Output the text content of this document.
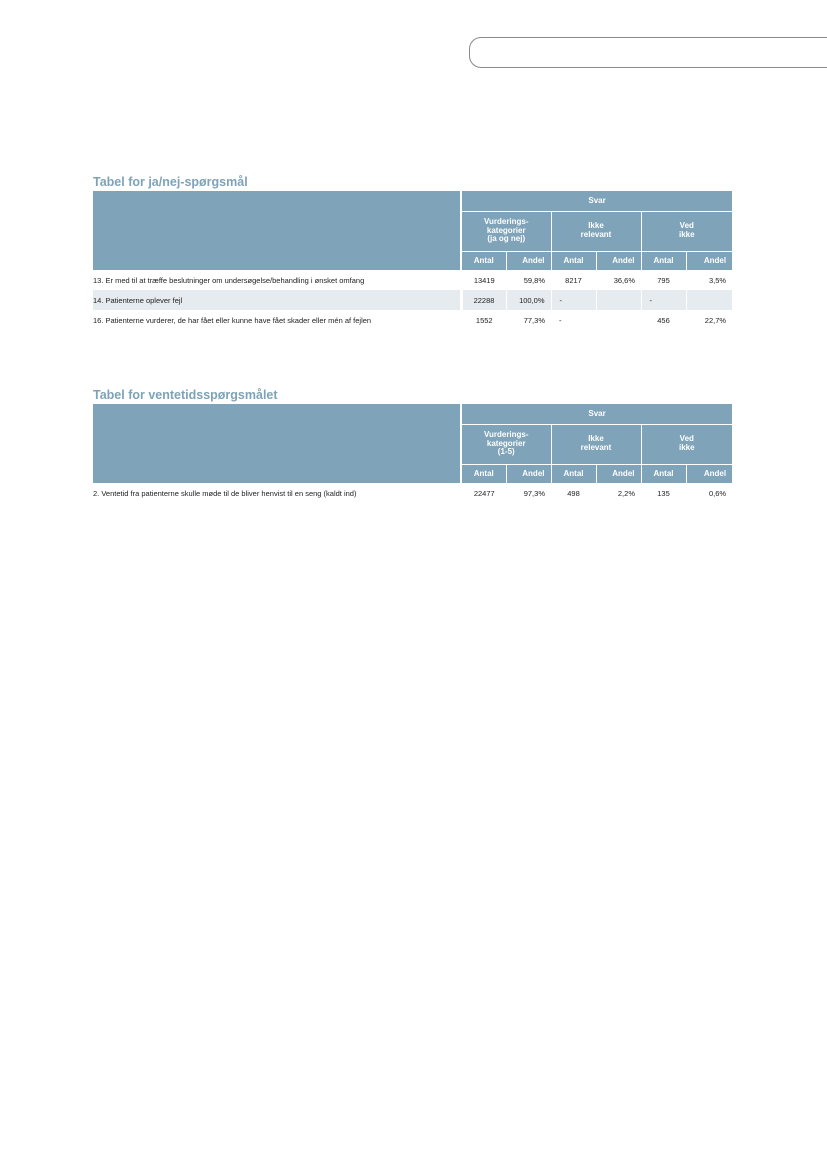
Tabel for ja/nej-spørgsmål
	Svar					
	Vurderings-
kategorier
(ja og nej)		Ikke
relevant		Ved
ikke	
	Antal	Andel	Antal	Andel	Antal	Andel
13. Er med til at træffe beslutninger om undersøgelse/behandling i ønsket omfang	13419	59,8%	8217	36,6%	795	3,5%
14. Patienterne oplever fejl	22288	100,0%	-		-	
16. Patienterne vurderer, de har fået eller kunne have fået skader eller mén af fejlen	1552	77,3%	-		456	22,7%
Tabel for ventetidsspørgsmålet
	Svar					
	Vurderings-
kategorier
(1-5)		Ikke
relevant		Ved
ikke	
	Antal	Andel	Antal	Andel	Antal	Andel
2. Ventetid fra patienterne skulle møde til de bliver henvist til en seng (kaldt ind)	22477	97,3%	498	2,2%	135	0,6%
